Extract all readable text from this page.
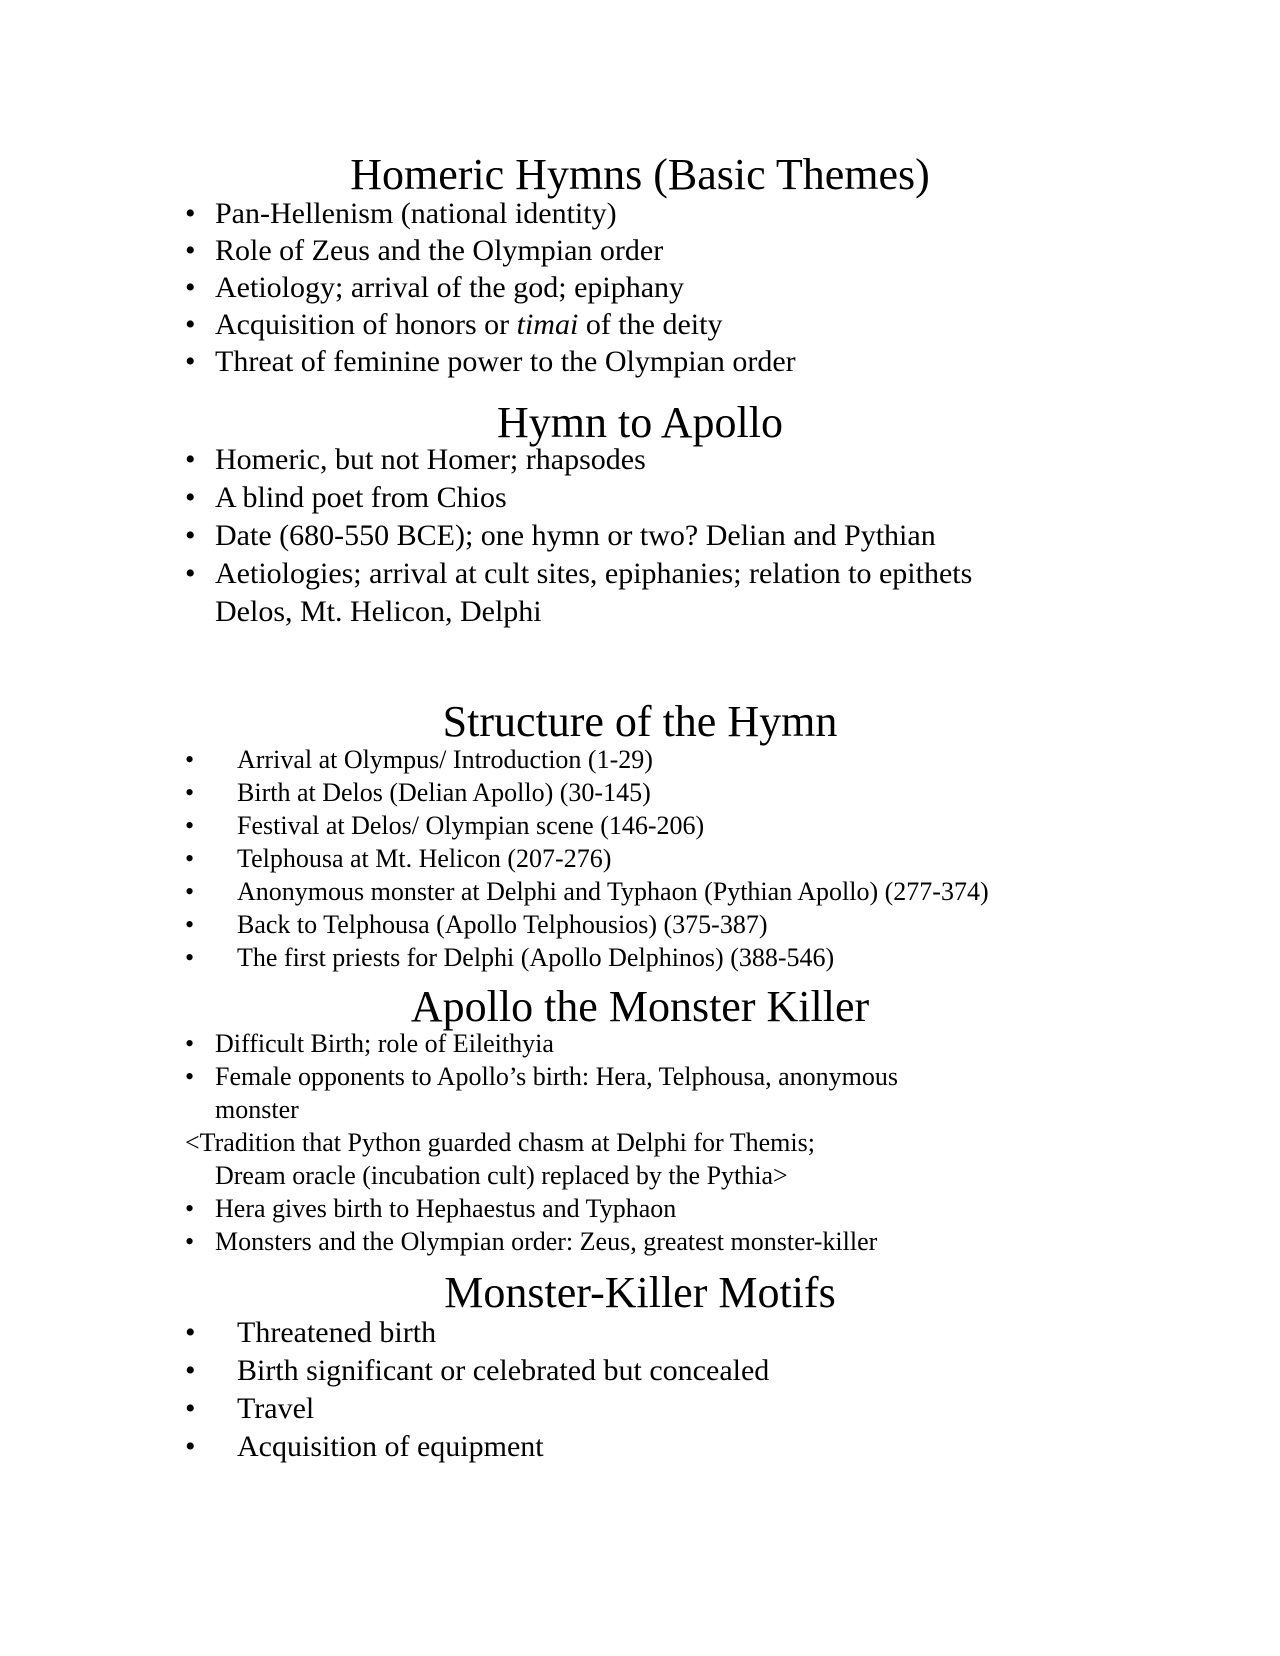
Homeric Hymns (Basic Themes)
• Pan-Hellenism (national identity)
• Role of Zeus and the Olympian order
• Aetiology; arrival of the god; epiphany
• Acquisition of honors or timai of the deity
• Threat of feminine power to the Olympian order
Hymn to Apollo
• Homeric, but not Homer; rhapsodes
• A blind poet from Chios
• Date (680-550 BCE); one hymn or two? Delian and Pythian
• Aetiologies; arrival at cult sites, epiphanies; relation to epithets
Delos, Mt. Helicon, Delphi
Structure of the Hymn
• Arrival at Olympus/ Introduction (1-29)
• Birth at Delos (Delian Apollo) (30-145)
• Festival at Delos/ Olympian scene (146-206)
• Telphousa at Mt. Helicon (207-276)
• Anonymous monster at Delphi and Typhaon (Pythian Apollo) (277-374)
• Back to Telphousa (Apollo Telphousios) (375-387)
• The first priests for Delphi (Apollo Delphinos) (388-546)
Apollo the Monster Killer
• Difficult Birth; role of Eileithyia
• Female opponents to Apollo’s birth: Hera, Telphousa, anonymous
monster
<Tradition that Python guarded chasm at Delphi for Themis;
Dream oracle (incubation cult) replaced by the Pythia>
• Hera gives birth to Hephaestus and Typhaon
• Monsters and the Olympian order: Zeus, greatest monster-killer
Monster-Killer Motifs
• Threatened birth
• Birth significant or celebrated but concealed
• Travel
• Acquisition of equipment
